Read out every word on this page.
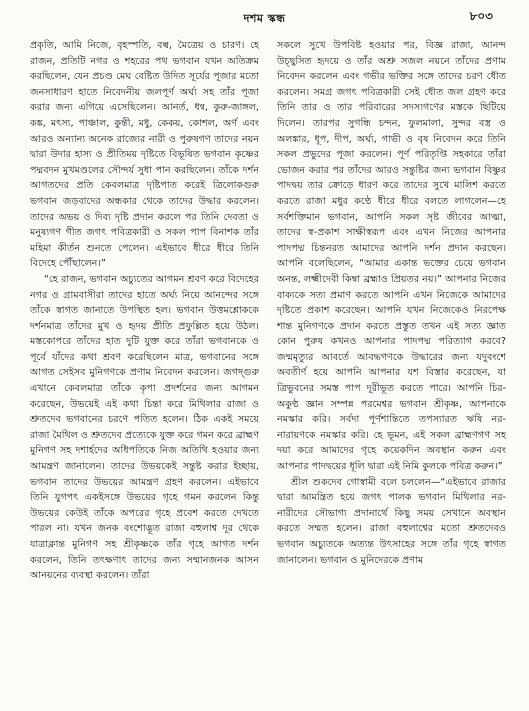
দশম স্কন্ধ	৮০৩

প্রকৃতি, আমি নিজে, বৃহস্পতি, বল্ব, মৈত্রেয় ও চারণ। হে রাজন, প্রতিটি নগর ও শহরের পথ ভগবান যখন অতিক্রম করছিলেন, যেন প্রচণ্ড মেঘ বেষ্টিত উদিত সূর্যের পূজার মতো জনসাধারণ হাতে নিবেদনীয় জলপূর্ণ অর্ঘ্য সহ তাঁর পূজা করার জন্য এগিয়ে এসেছিলেন। আনর্ত, ধন্ব, কুরু-জাঙ্গল, কঙ্ক, মৎস্য, পাঞ্চাল, কুন্তী, মধু, কেকয়, কোশল, অর্ণ এবং আরও অন্যান্য অনেক রাজ্যের নারী ও পুরুষগণ তাদের নয়ন দ্বারা উদার হাস্য ও প্রীতিময় দৃষ্টিতে বিভূষিত ভগবান কৃষ্ণের পদ্মবদন মুখমণ্ডলের সৌন্দর্য সুধা পান করছিলেন। তাঁকে দর্শন আগতদের প্রতি কেবলমাত্র দৃষ্টিপাত করেই ত্রিলোকগুরু ভগবান জড়বাদের অন্ধকার থেকে তাদের উদ্ধার করলেন। তাদের অভয় ও দিব্য দৃষ্টি প্রদান করলে পর তিনি দেবতা ও মনুষ্যগণ গীত জগৎ পবিত্রকারী ও সকল পাপ বিনাশক তাঁর মহিমা কীর্তন শুনতে পেলেন। এইভাবে ধীরে ধীরে তিনি বিদেহে পৌঁছালেন।”

“হে রাজন, ভগবান অচ্যুতের আগমন শ্রবণ করে বিদেহের নগর ও গ্রামবাসীরা তাদের হাতে অর্ঘ্য নিয়ে আনন্দের সঙ্গে তাঁকে স্বাগত জানাতে উপস্থিত হল। ভগবান উত্তমশ্লোককে দর্শনমাত্র তাঁদের মুখ ও হৃদয় প্রীতি প্রফুল্লিত হয়ে উঠল। মস্তকোপরে তাঁদের হাত দুটি যুক্ত করে তাঁরা ভগবানকে ও পূর্বে যাঁদের কথা শ্রবণ করেছিলেন মাত্র, ভগবানের সঙ্গে আগত সেইসব মুনিগণকে প্রণাম নিবেদন করলেন। জগদ্গুরু এখানে কেবলমাত্র তাঁকে কৃপা প্রদর্শনের জন্য আগমন করেছেন, উভয়েই এই কথা চিন্তা করে মিথিলার রাজা ও শ্রুতদেব ভগবানের চরণে পতিত হলেন। ঠিক একই সময়ে রাজা মৈথিল ও শ্রুতদেব প্রত্যেকে যুক্ত করে গমন করে ব্রাহ্মণ মুনিগণ সহ দশার্হদের অধিপতিকে নিজ অতিথি হওয়ার জন্য আমন্ত্রণ জানালেন। তাদের উভয়কেই সন্তুষ্ট করার ইচ্ছায়, ভগবান তাদের উভয়ের আমন্ত্রণ গ্রহণ করলেন। এইভাবে তিনি যুগপৎ একইসঙ্গে উভয়ের গৃহে গমন করলেন কিন্তু উভয়ের কেউই তাঁকে অপরের গৃহে প্রবেশ করতে দেখতে পারল না। যখন জনক বংশোদ্ভূত রাজা বহুলাশ্ব দূর থেকে যাত্রাক্লান্ত মুনিগণ সহ শ্রীকৃষ্ণকে তাঁর গৃহে আগত দর্শন করলেন, তিনি তৎক্ষণাৎ তাদের জন্য সম্মানজনক আসন আনয়নের ব্যবস্থা করলেন। তাঁরা

সকলে সুখে উপবিষ্ট হওয়ার পর, বিজ্ঞ রাজা, আনন্দ উচ্ছ্বসিত হৃদয়ে ও তাঁর অশ্রু সজল নয়নে তাঁদের প্রণাম নিবেদন করলেন এবং গভীর ভক্তির সঙ্গে তাদের চরণ ধৌত করলেন। সমগ্র জগৎ পবিত্রকারী সেই ধৌত জল গ্রহণ করে তিনি তার ও তার পরিবারের সদস্যগণের মস্তকে ছিটিয়ে দিলেন। তারপর সুগন্ধি চন্দন, ফুলমালা, সুন্দর বস্ত্র ও অলঙ্কার, ধূপ, দীপ, অর্ঘ্য, গাভী ও বৃষ নিবেদন করে তিনি সকল প্রভুদের পূজা করলেন। পূর্ণ পরিতৃপ্তি সহকারে তাঁরা ভোজন করার পর তাঁদের আরও সন্তুষ্টির জন্য ভগবান বিষ্ণুর পাদদ্বয় তার ক্রোড়ে ধারণ করে তাদের সুখে মালিশ করতে করতে রাজা মধুর কণ্ঠে ধীরে ধীরে বলতে লাগলেন—হে সর্বশক্তিমান ভগবান, আপনি সকল সৃষ্ট জীবের আত্মা, তাদের স্ব-প্রকাশ সাক্ষীস্বরূপ এবং এখন নিজের আপনার পাদপদ্ম চিন্তনরত আমাদের আপনি দর্শন প্রদান করছেন। আপনি বলেছিলেন, “আমার একান্ত ভক্তের চেয়ে ভগবান অনন্ত, লক্ষ্মীদেবী কিম্বা ব্রহ্মাও প্রিয়তর নয়।” আপনার নিজের বাক্যকে সত্য প্রমাণ করতে আপনি এখন নিজেকে আমাদের দৃষ্টিতে প্রকাশ করেছেন। আপনি যখন নিজেকেও নিরপেক্ষ শান্ত মুনিগণকে প্রদান করতে প্রস্তুত তখন এই সত্য জ্ঞাত কোন পুরুষ কখনও আপনার পাদপদ্ম পরিত্যাগ করবে? জন্মমৃত্যুর আবর্তে আবদ্ধগণকে উদ্ধারের জন্য যদুবংশে অবতীর্ণ হয়ে আপনি আপনার যশ বিস্তার করেছেন, যা ত্রিভুবনের সমস্ত পাপ দূরীভূত করতে পারে। আপনি চির-অকুণ্ঠ জ্ঞান সম্পন্ন পরমেশ্বর ভগবান শ্রীকৃষ্ণ, আপনাকে নমস্কার করি। সর্বদা পূর্ণশান্তিতে তপস্যারত ঋষি নর-নারায়ণকে নমস্কার করি। হে ভূমন, এই সকল ব্রাহ্মণগণ সহ দয়া করে আমাদের গৃহে কয়েকদিন অবস্থান করুন এবং আপনার পাদদ্বয়ের ধূলি দ্বারা এই নিমি কুলকে পবিত্র করুন।”

শ্রীল শুকদেব গোস্বামী বলে চললেন—“এইভাবে রাজার দ্বারা আমন্ত্রিত হয়ে জগৎ পালক ভগবান মিথিলার নর-নারীদের সৌভাগ্য প্রদানার্থে কিছু সময় সেখানে অবস্থান করতে সম্মত হলেন। রাজা বহুলাশ্বের মতো শ্রুতদেবও ভগবান অচ্যুতকে অত্যন্ত উৎসাহের সঙ্গে তাঁর গৃহে স্বাগত জানালেন। ভগবান ও মুনিদেরকে প্রণাম
